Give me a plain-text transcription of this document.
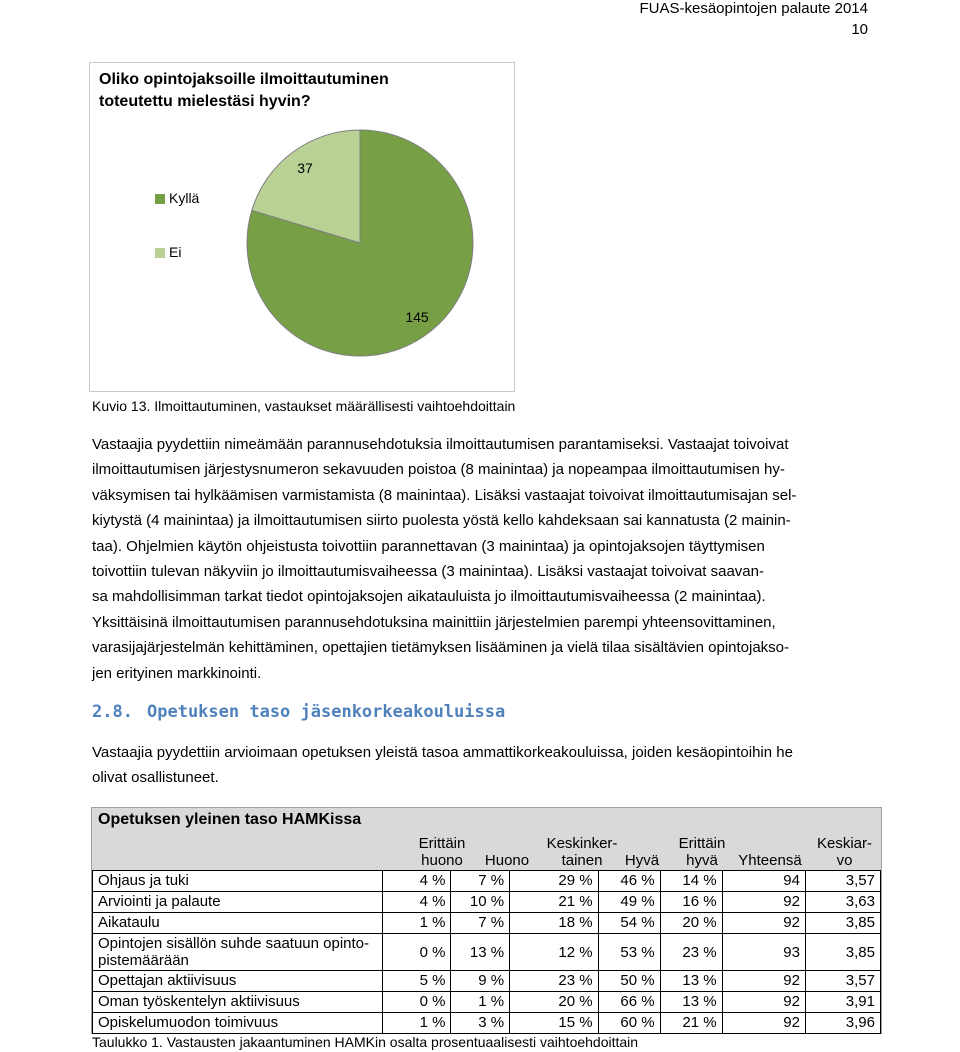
FUAS-kesäopintojen palaute 2014
10
Oliko opintojaksoille ilmoittautuminen
toteutettu mielestäsi hyvin?
145
37
Kyllä
Ei
Kuvio 13. Ilmoittautuminen, vastaukset määrällisesti vaihtoehdoittain
Vastaajia pyydettiin nimeämään parannusehdotuksia ilmoittautumisen parantamiseksi. Vastaajat toivoivat
ilmoittautumisen järjestysnumeron sekavuuden poistoa (8 mainintaa) ja nopeampaa ilmoittautumisen hy-
väksymisen tai hylkäämisen varmistamista (8 mainintaa). Lisäksi vastaajat toivoivat ilmoittautumisajan sel-
kiytystä (4 mainintaa) ja ilmoittautumisen siirto puolesta yöstä kello kahdeksaan sai kannatusta (2 mainin-
taa). Ohjelmien käytön ohjeistusta toivottiin parannettavan (3 mainintaa) ja opintojaksojen täyttymisen
toivottiin tulevan näkyviin jo ilmoittautumisvaiheessa (3 mainintaa). Lisäksi vastaajat toivoivat saavan-
sa mahdollisimman tarkat tiedot opintojaksojen aikatauluista jo ilmoittautumisvaiheessa (2 mainintaa).
Yksittäisinä ilmoittautumisen parannusehdotuksina mainittiin järjestelmien parempi yhteensovittaminen,
varasijajärjestelmän kehittäminen, opettajien tietämyksen lisääminen ja vielä tilaa sisältävien opintojakso-
jen erityinen markkinointi.
2.8. Opetuksen taso jäsenkorkeakouluissa
Vastaajia pyydettiin arvioimaan opetuksen yleistä tasoa ammattikorkeakouluissa, joiden kesäopintoihin he
olivat osallistuneet.
Opetuksen yleinen taso HAMKissa
Erittäin
huono	Huono
Keskinker-
tainen	Hyvä
Erittäin
hyvä	Yhteensä
Keskiar-
vo
Ohjaus ja tuki	4 %	7 %	29 %	46 %	14 %	94	3,57
Arviointi ja palaute	4 %	10 %	21 %	49 %	16 %	92	3,63
Aikataulu	1 %	7 %	18 %	54 %	20 %	92	3,85
Opintojen sisällön suhde saatuun opinto-
pistemäärään	0 %	13 %	12 %	53 %	23 %	93	3,85
Opettajan aktiivisuus	5 %	9 %	23 %	50 %	13 %	92	3,57
Oman työskentelyn aktiivisuus	0 %	1 %	20 %	66 %	13 %	92	3,91
Opiskelumuodon toimivuus	1 %	3 %	15 %	60 %	21 %	92	3,96
Taulukko 1. Vastausten jakaantuminen HAMKin osalta prosentuaalisesti vaihtoehdoittain
